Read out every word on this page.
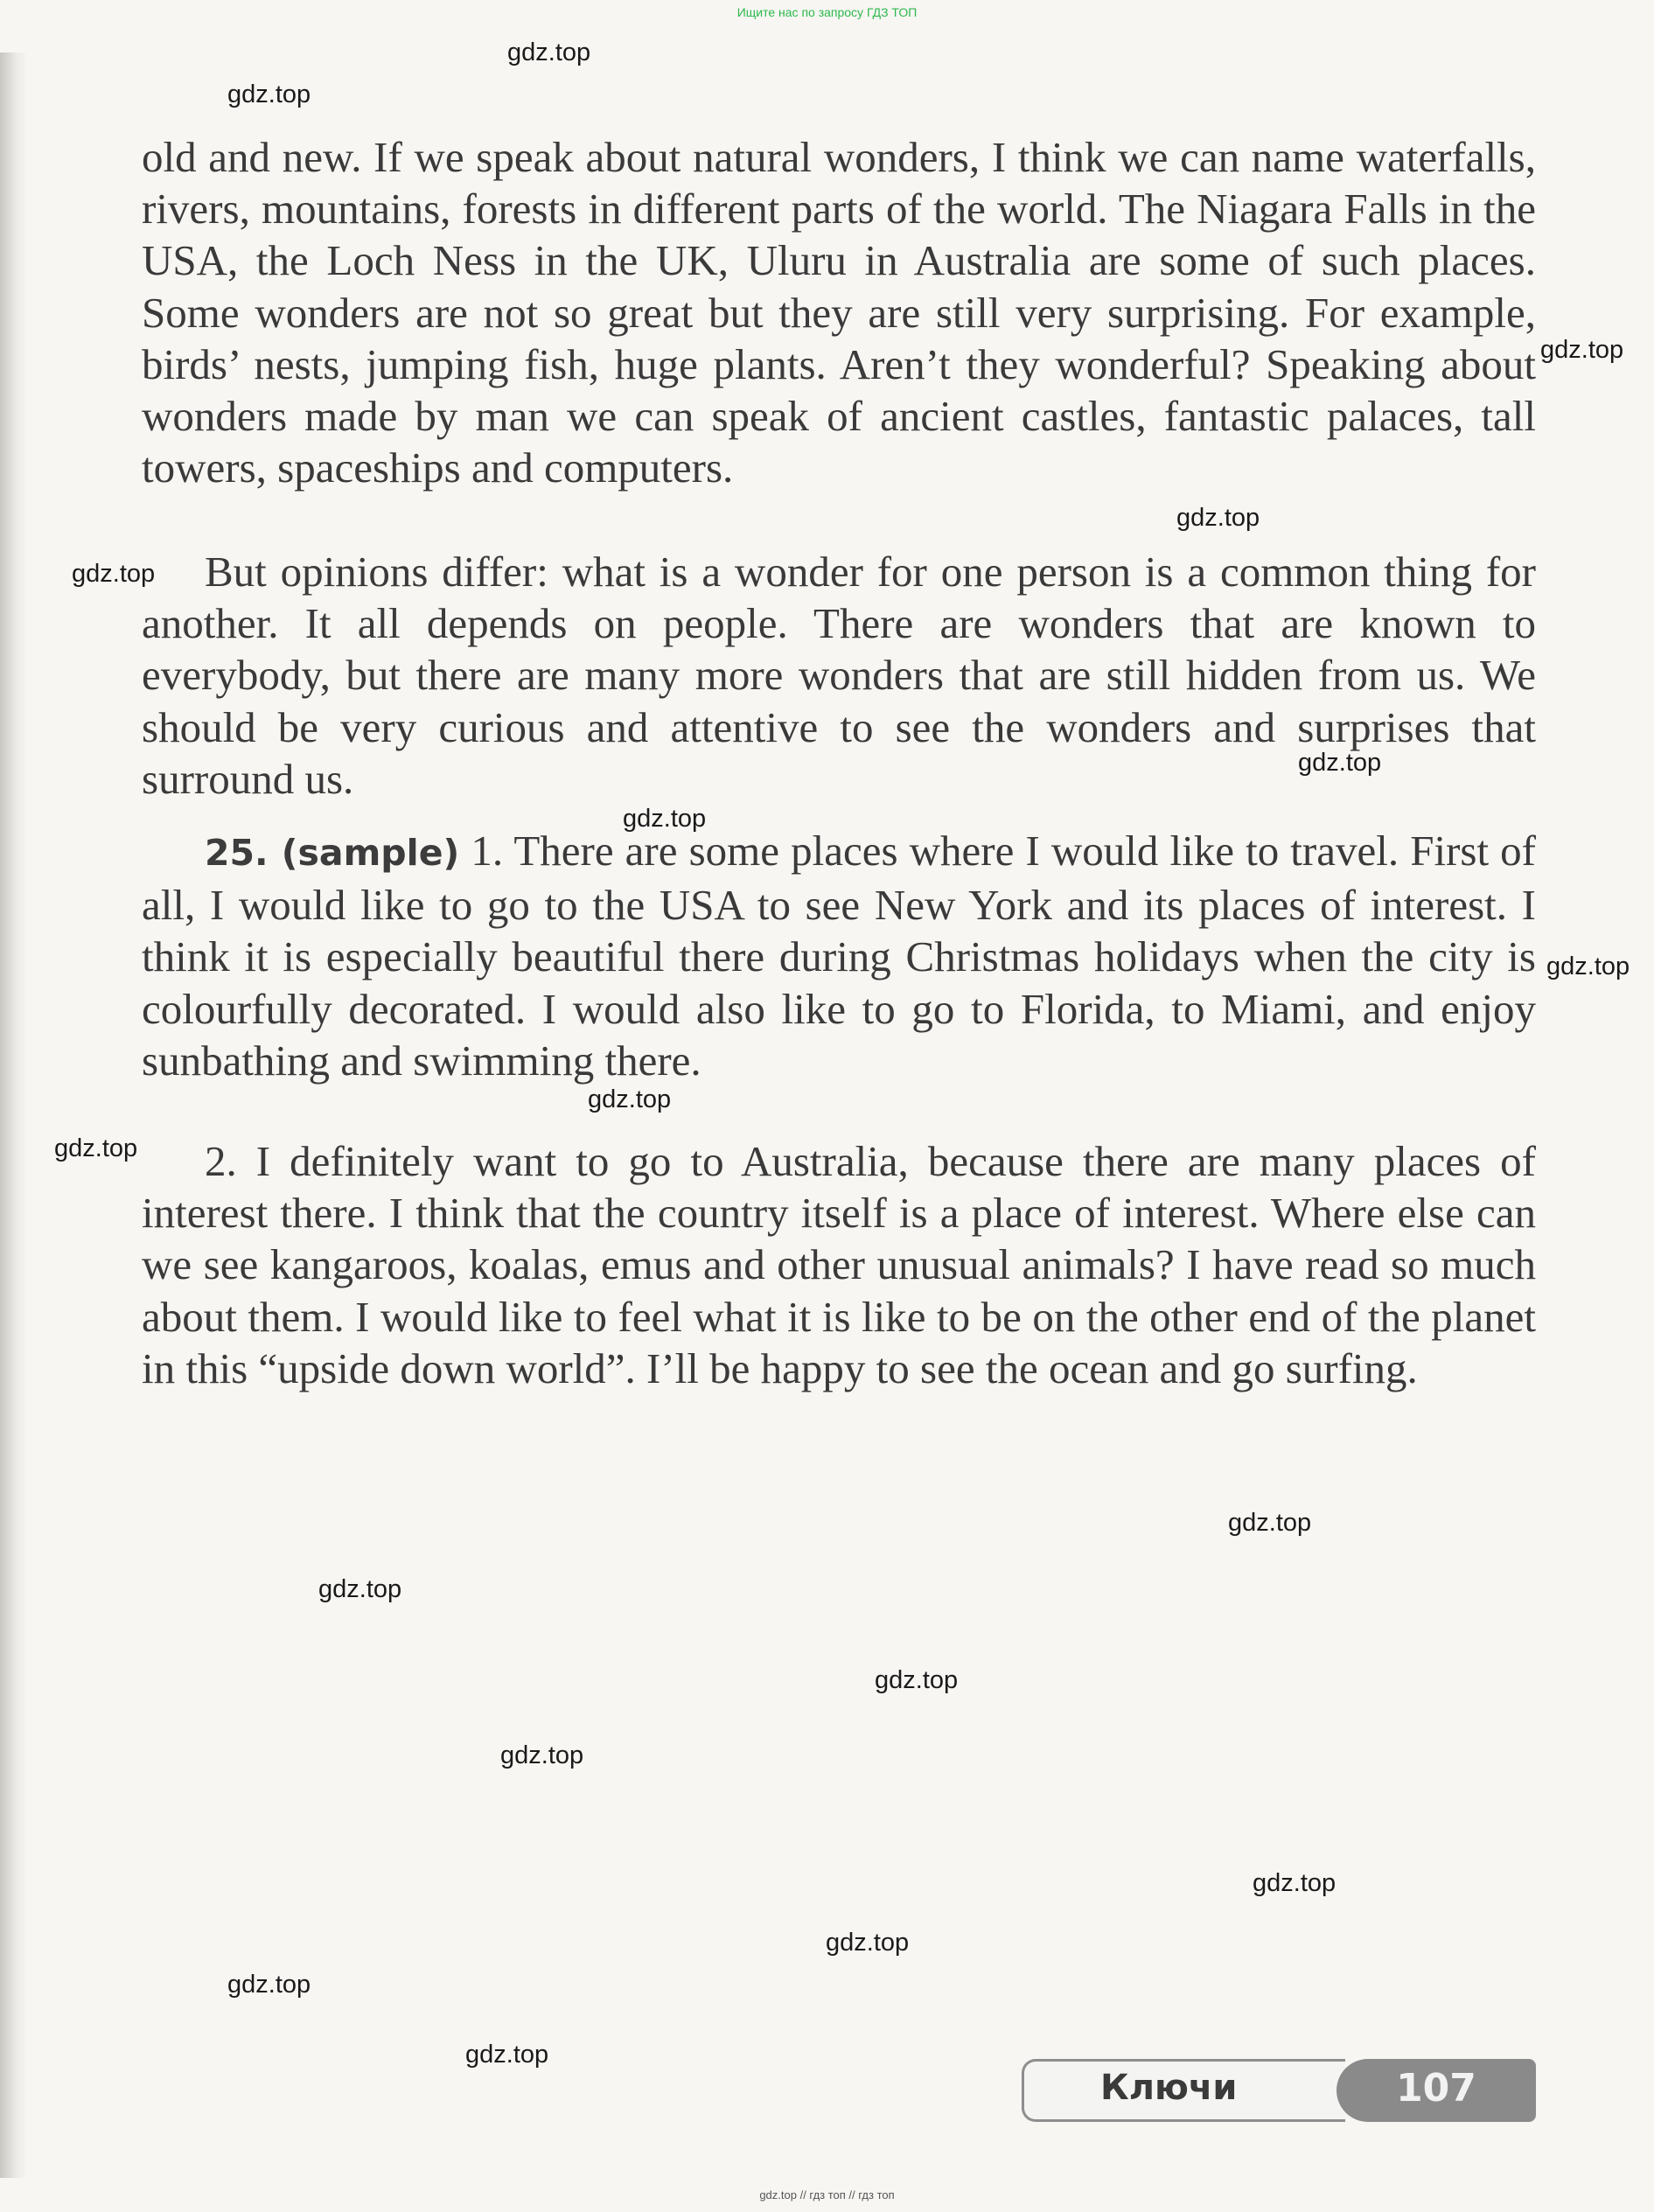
Ищите нас по запросу ГДЗ ТОП

old and new. If we speak about natural wonders, I think we can name waterfalls, rivers, mountains, forests in different parts of the world. The Niagara Falls in the USA, the Loch Ness in the UK, Uluru in Australia are some of such places. Some wonders are not so great but they are still very surprising. For example, birds’ nests, jumping fish, huge plants. Aren’t they wonderful? Speaking about wonders made by man we can speak of ancient castles, fantastic palaces, tall towers, spaceships and computers.

But opinions differ: what is a wonder for one person is a common thing for another. It all depends on people. There are wonders that are known to everybody, but there are many more wonders that are still hidden from us. We should be very curious and attentive to see the wonders and surprises that surround us.

25. (sample) 1. There are some places where I would like to travel. First of all, I would like to go to the USA to see New York and its places of interest. I think it is especially beautiful there during Christmas holidays when the city is colourfully decorated. I would also like to go to Florida, to Miami, and enjoy sunbathing and swimming there.

2. I definitely want to go to Australia, because there are many places of interest there. I think that the country itself is a place of interest. Where else can we see kangaroos, koalas, emus and other unusual animals? I have read so much about them. I would like to feel what it is like to be on the other end of the planet in this “upside down world”. I’ll be happy to see the ocean and go surfing.

gdz.top
gdz.top
gdz.top
gdz.top
gdz.top
gdz.top
gdz.top
gdz.top
gdz.top
gdz.top
gdz.top
gdz.top
gdz.top
gdz.top
gdz.top
gdz.top
gdz.top
gdz.top
Ключи	107
gdz.top // гдз топ // гдз топ
